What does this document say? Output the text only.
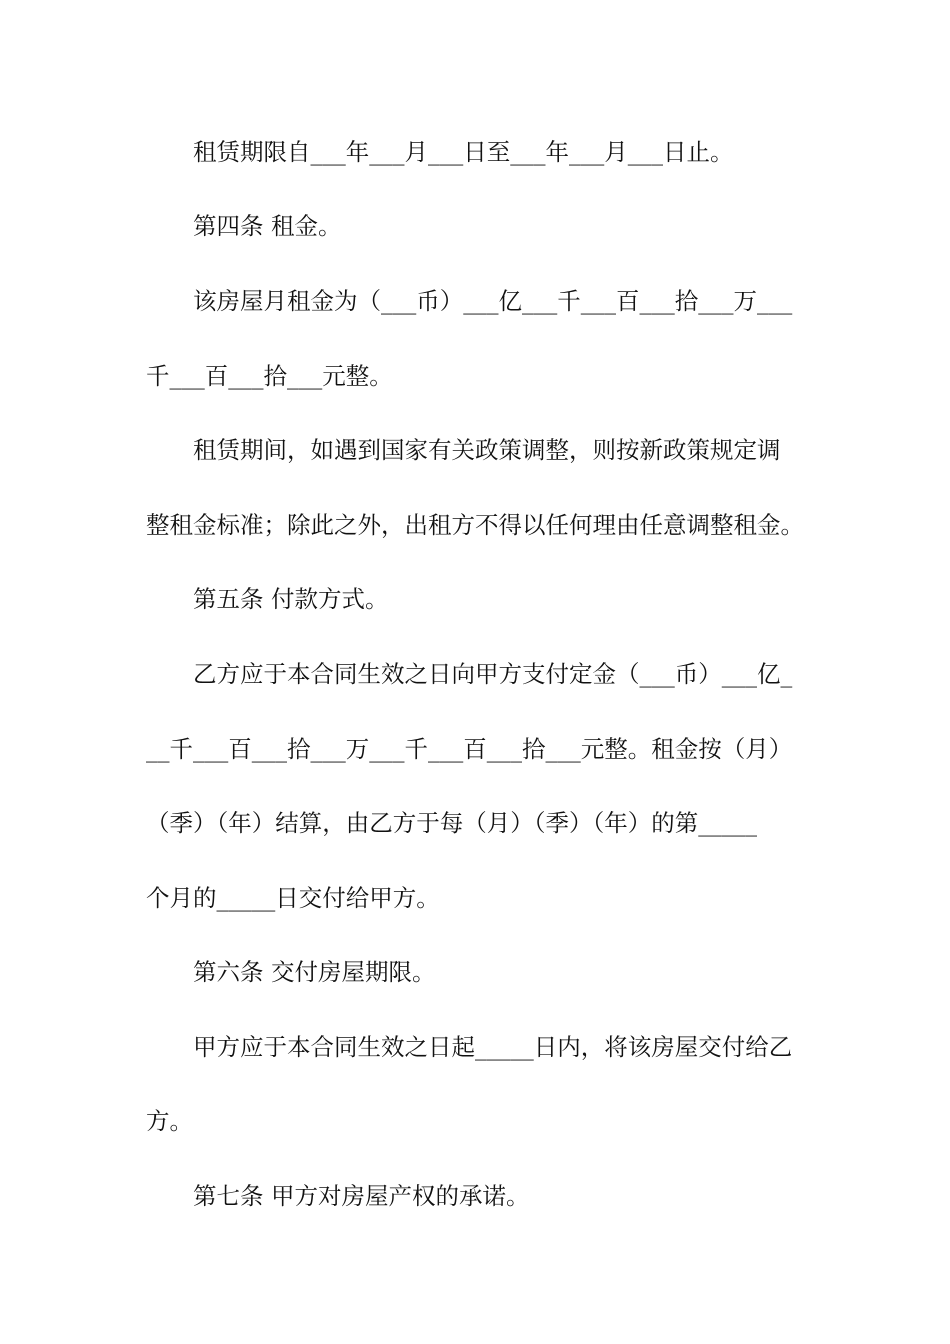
租赁期限自___年___月___日至___年___月___日止。
第四条 租金。
该房屋月租金为（___币）___亿___千___百___拾___万___
千___百___拾___元整。
租赁期间，如遇到国家有关政策调整，则按新政策规定调
整租金标准；除此之外，出租方不得以任何理由任意调整租金。
第五条 付款方式。
乙方应于本合同生效之日向甲方支付定金（___币）___亿_
__千___百___拾___万___千___百___拾___元整。租金按（月）
（季）（年）结算，由乙方于每（月）（季）（年）的第_____
个月的_____日交付给甲方。
第六条 交付房屋期限。
甲方应于本合同生效之日起_____日内，将该房屋交付给乙
方。
第七条 甲方对房屋产权的承诺。
